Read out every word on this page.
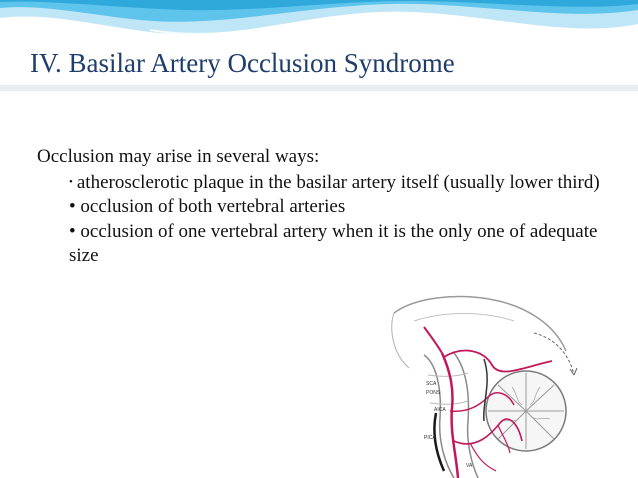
IV. Basilar Artery Occlusion Syndrome

Occlusion may arise in several ways:

• atherosclerotic plaque in the basilar artery itself (usually lower third)

• occlusion of both vertebral arteries

• occlusion of one vertebral artery when it is the only one of adequate size

SCA
PONS
AICA
PICA
VA
